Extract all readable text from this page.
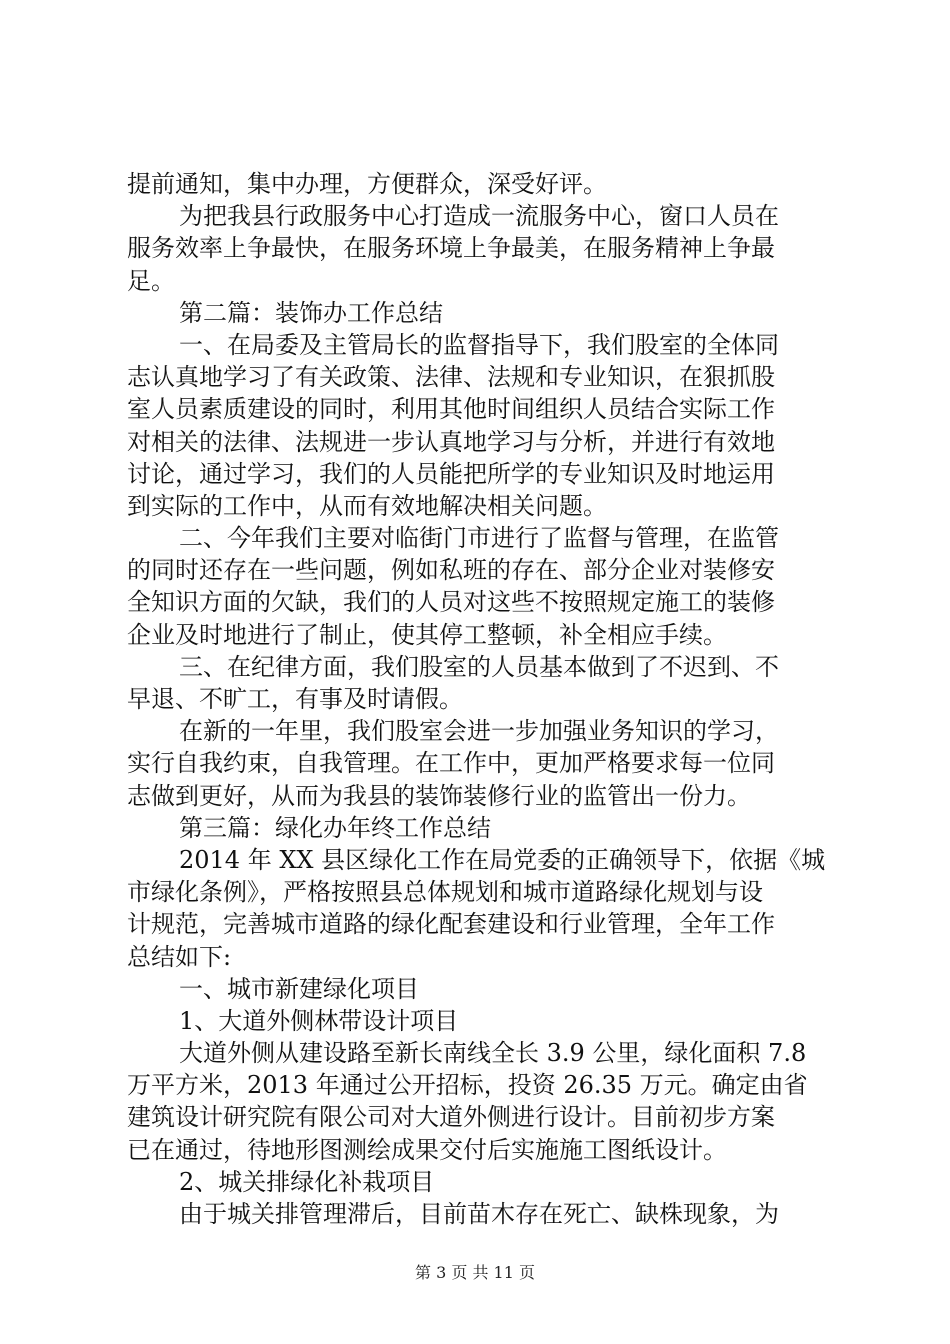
提前通知，集中办理，方便群众，深受好评。
为把我县行政服务中心打造成一流服务中心，窗口人员在
服务效率上争最快，在服务环境上争最美，在服务精神上争最
足。
第二篇：装饰办工作总结
一、在局委及主管局长的监督指导下，我们股室的全体同
志认真地学习了有关政策、法律、法规和专业知识，在狠抓股
室人员素质建设的同时，利用其他时间组织人员结合实际工作
对相关的法律、法规进一步认真地学习与分析，并进行有效地
讨论，通过学习，我们的人员能把所学的专业知识及时地运用
到实际的工作中，从而有效地解决相关问题。
二、今年我们主要对临街门市进行了监督与管理，在监管
的同时还存在一些问题，例如私班的存在、部分企业对装修安
全知识方面的欠缺，我们的人员对这些不按照规定施工的装修
企业及时地进行了制止，使其停工整顿，补全相应手续。
三、在纪律方面，我们股室的人员基本做到了不迟到、不
早退、不旷工，有事及时请假。
在新的一年里，我们股室会进一步加强业务知识的学习，
实行自我约束，自我管理。在工作中，更加严格要求每一位同
志做到更好，从而为我县的装饰装修行业的监管出一份力。
第三篇：绿化办年终工作总结
2014 年 XX 县区绿化工作在局党委的正确领导下，依据《城
市绿化条例》，严格按照县总体规划和城市道路绿化规划与设
计规范，完善城市道路的绿化配套建设和行业管理，全年工作
总结如下:
一、城市新建绿化项目
1、大道外侧林带设计项目
大道外侧从建设路至新长南线全长 3.9 公里，绿化面积 7.8
万平方米，2013 年通过公开招标，投资 26.35 万元。确定由省
建筑设计研究院有限公司对大道外侧进行设计。目前初步方案
已在通过，待地形图测绘成果交付后实施施工图纸设计。
2、城关排绿化补栽项目
由于城关排管理滞后，目前苗木存在死亡、缺株现象，为
第 3 页 共 11 页
